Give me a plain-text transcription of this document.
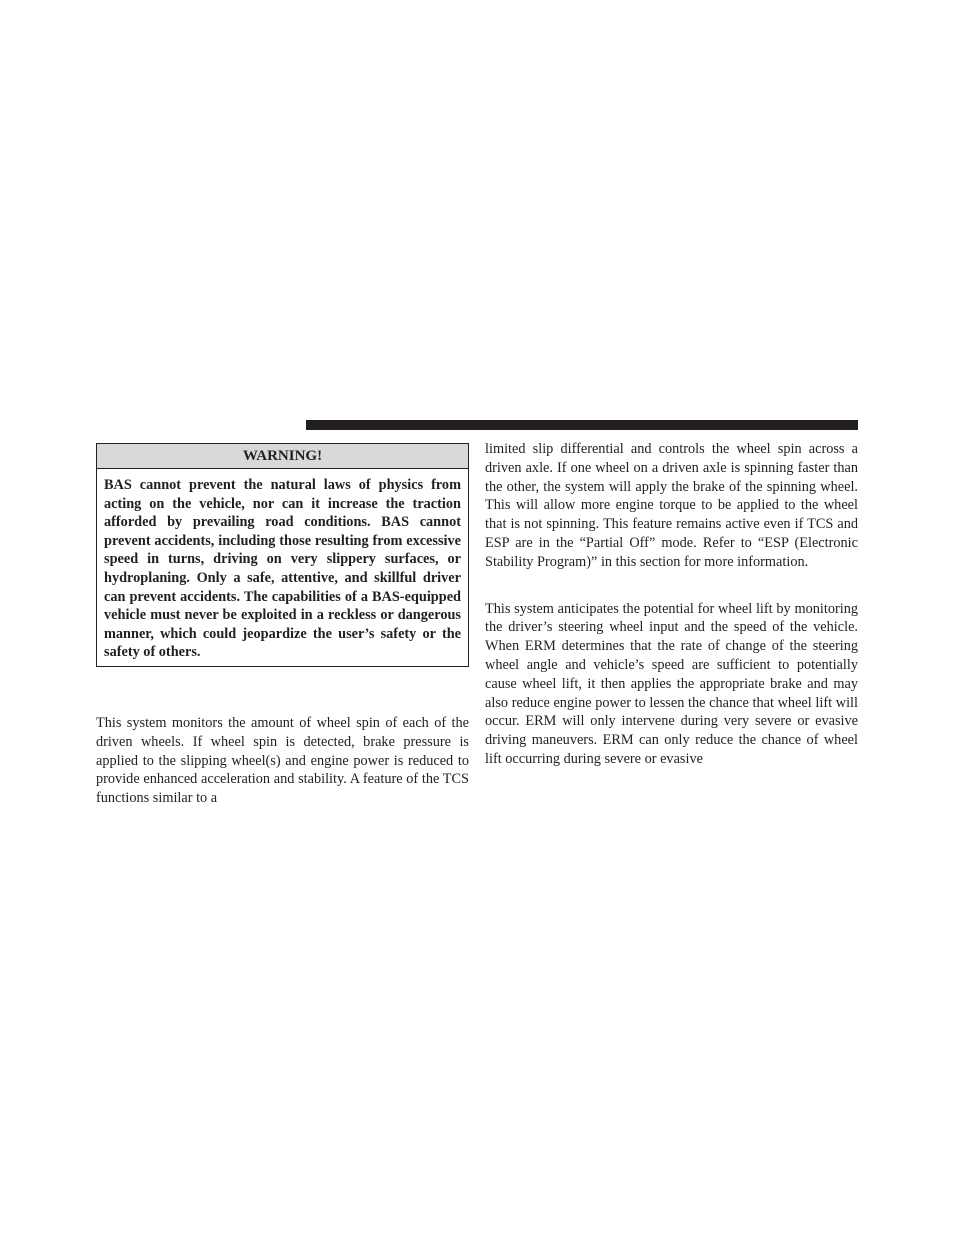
WARNING!
BAS cannot prevent the natural laws of physics from acting on the vehicle, nor can it increase the traction afforded by prevailing road conditions. BAS cannot prevent accidents, including those resulting from excessive speed in turns, driving on very slippery surfaces, or hydroplaning. Only a safe, attentive, and skillful driver can prevent accidents. The capabilities of a BAS-equipped vehicle must never be exploited in a reckless or dangerous manner, which could jeopardize the user’s safety or the safety of others.

This system monitors the amount of wheel spin of each of the driven wheels. If wheel spin is detected, brake pressure is applied to the slipping wheel(s) and engine power is reduced to provide enhanced acceleration and stability. A feature of the TCS functions similar to a

limited slip differential and controls the wheel spin across a driven axle. If one wheel on a driven axle is spinning faster than the other, the system will apply the brake of the spinning wheel. This will allow more engine torque to be applied to the wheel that is not spinning. This feature remains active even if TCS and ESP are in the “Partial Off” mode. Refer to “ESP (Electronic Stability Program)” in this section for more information.

This system anticipates the potential for wheel lift by monitoring the driver’s steering wheel input and the speed of the vehicle. When ERM determines that the rate of change of the steering wheel angle and vehicle’s speed are sufficient to potentially cause wheel lift, it then applies the appropriate brake and may also reduce engine power to lessen the chance that wheel lift will occur. ERM will only intervene during very severe or evasive driving maneuvers. ERM can only reduce the chance of wheel lift occurring during severe or evasive
